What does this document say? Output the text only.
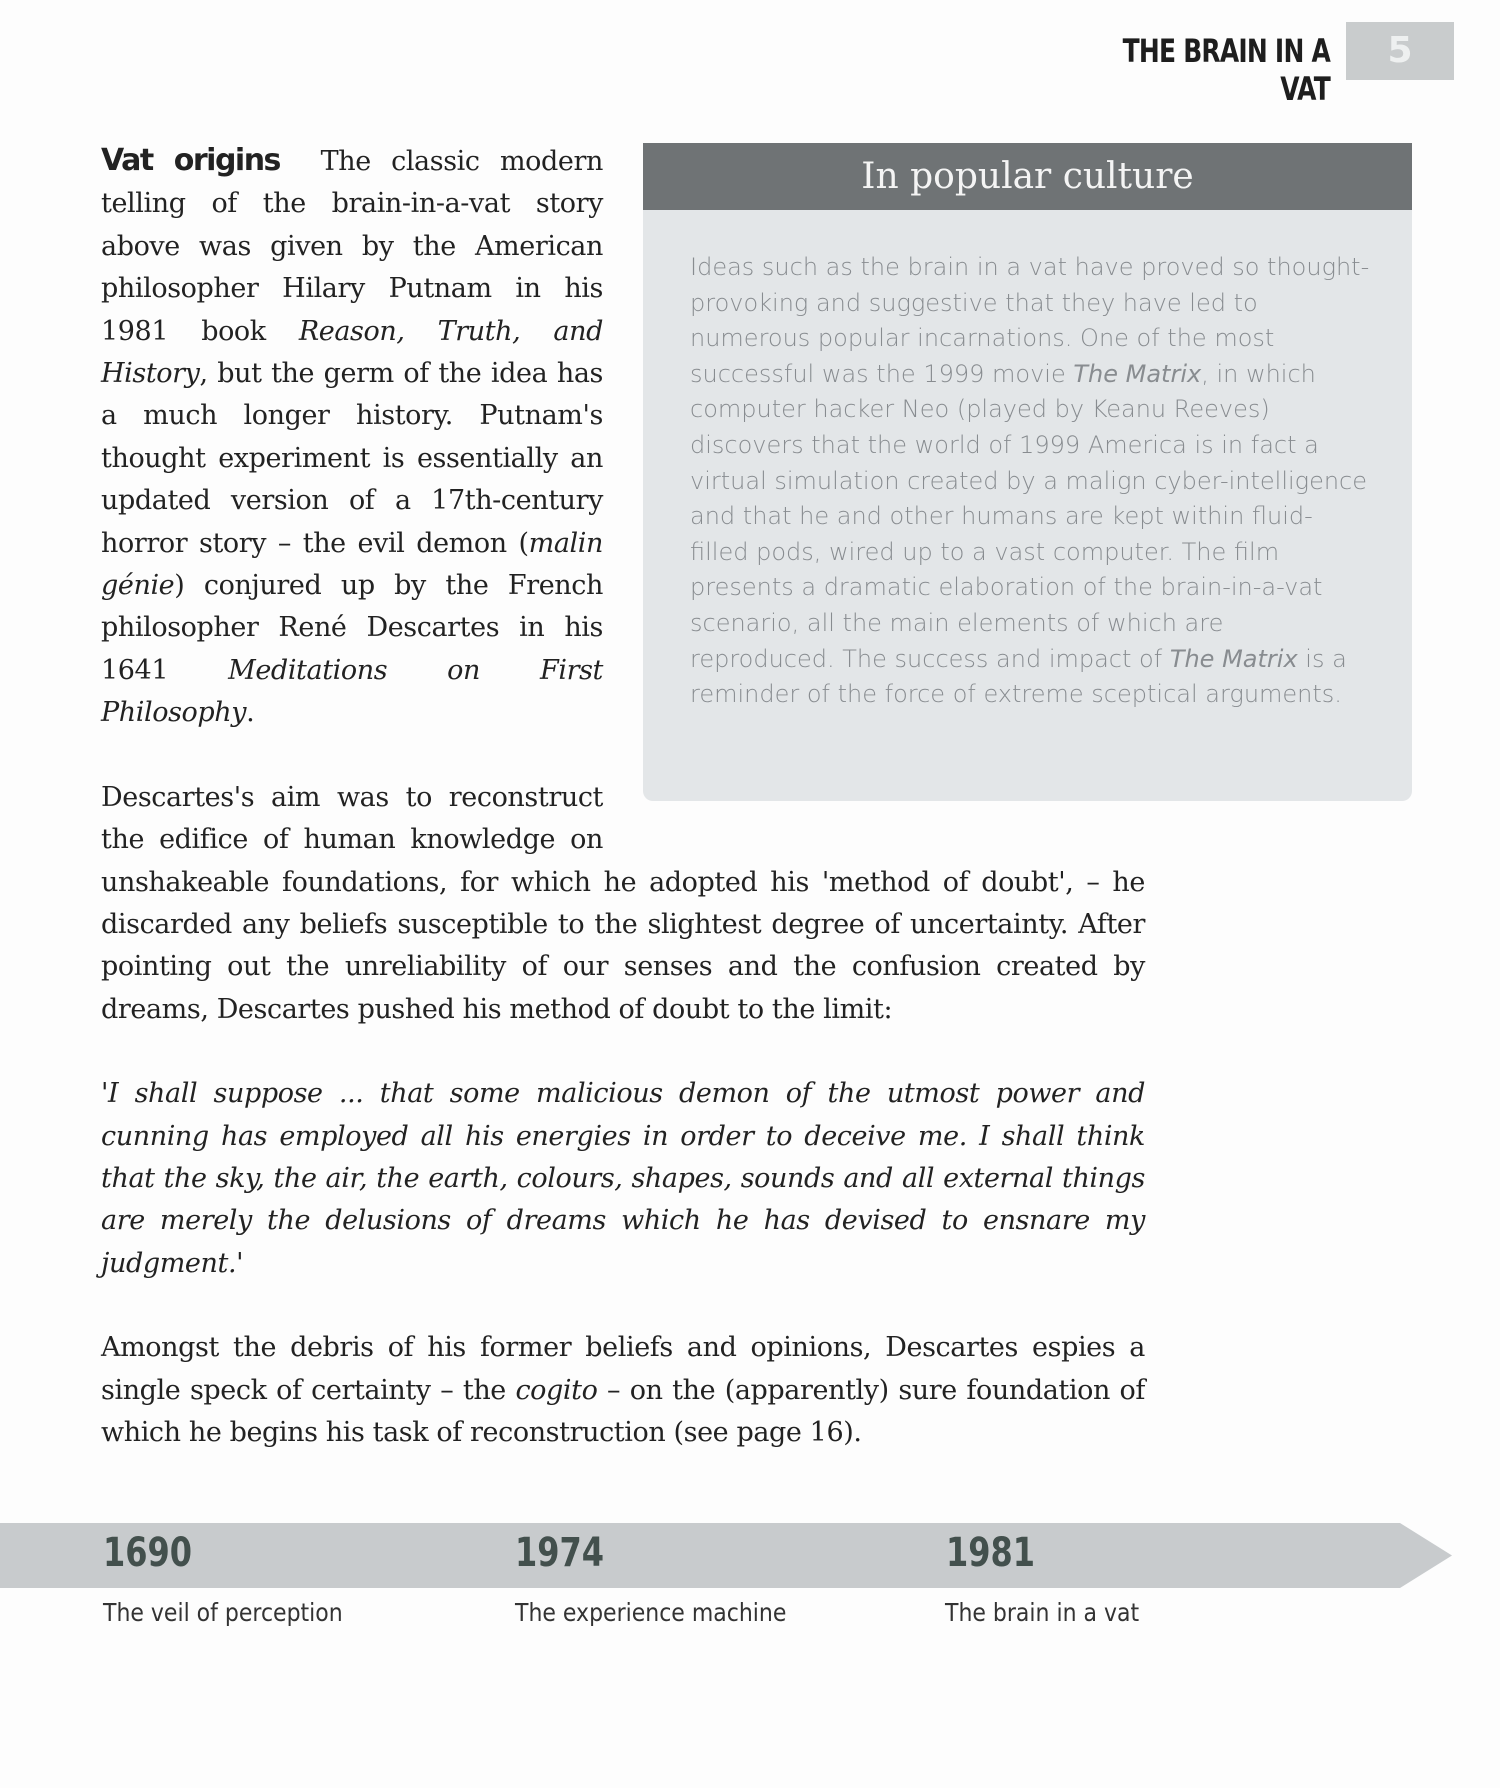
THE BRAIN IN A VAT
5
In popular culture
Ideas such as the brain in a vat have proved so thought-provoking and suggestive that they have led to numerous popular incarnations. One of the most successful was the 1999 movie The Matrix, in which computer hacker Neo (played by Keanu Reeves) discovers that the world of 1999 America is in fact a virtual simulation created by a malign cyber-intelligence and that he and other humans are kept within fluid-filled pods, wired up to a vast computer. The film presents a dramatic elaboration of the brain-in-a-vat scenario, all the main elements of which are reproduced. The success and impact of The Matrix is a reminder of the force of extreme sceptical arguments.

Vat origins The classic modern telling of the brain-in-a-vat story above was given by the American philosopher Hilary Putnam in his 1981 book Reason, Truth, and History, but the germ of the idea has a much longer history. Putnam's thought experiment is essentially an updated version of a 17th-century horror story – the evil demon (malin génie) conjured up by the French philosopher René Descartes in his 1641 Meditations on First Philosophy.

Descartes's aim was to reconstruct the edifice of human knowledge on unshakeable foundations, for which he adopted his 'method of doubt', – he discarded any beliefs susceptible to the slightest degree of uncertainty. After pointing out the unreliability of our senses and the confusion created by dreams, Descartes pushed his method of doubt to the limit:

'I shall suppose ... that some malicious demon of the utmost power and cunning has employed all his energies in order to deceive me. I shall think that the sky, the air, the earth, colours, shapes, sounds and all external things are merely the delusions of dreams which he has devised to ensnare my judgment.'

Amongst the debris of his former beliefs and opinions, Descartes espies a single speck of certainty – the cogito – on the (apparently) sure foundation of which he begins his task of reconstruction (see page 16).

1690	1974	1981
The veil of perception	The experience machine	The brain in a vat
